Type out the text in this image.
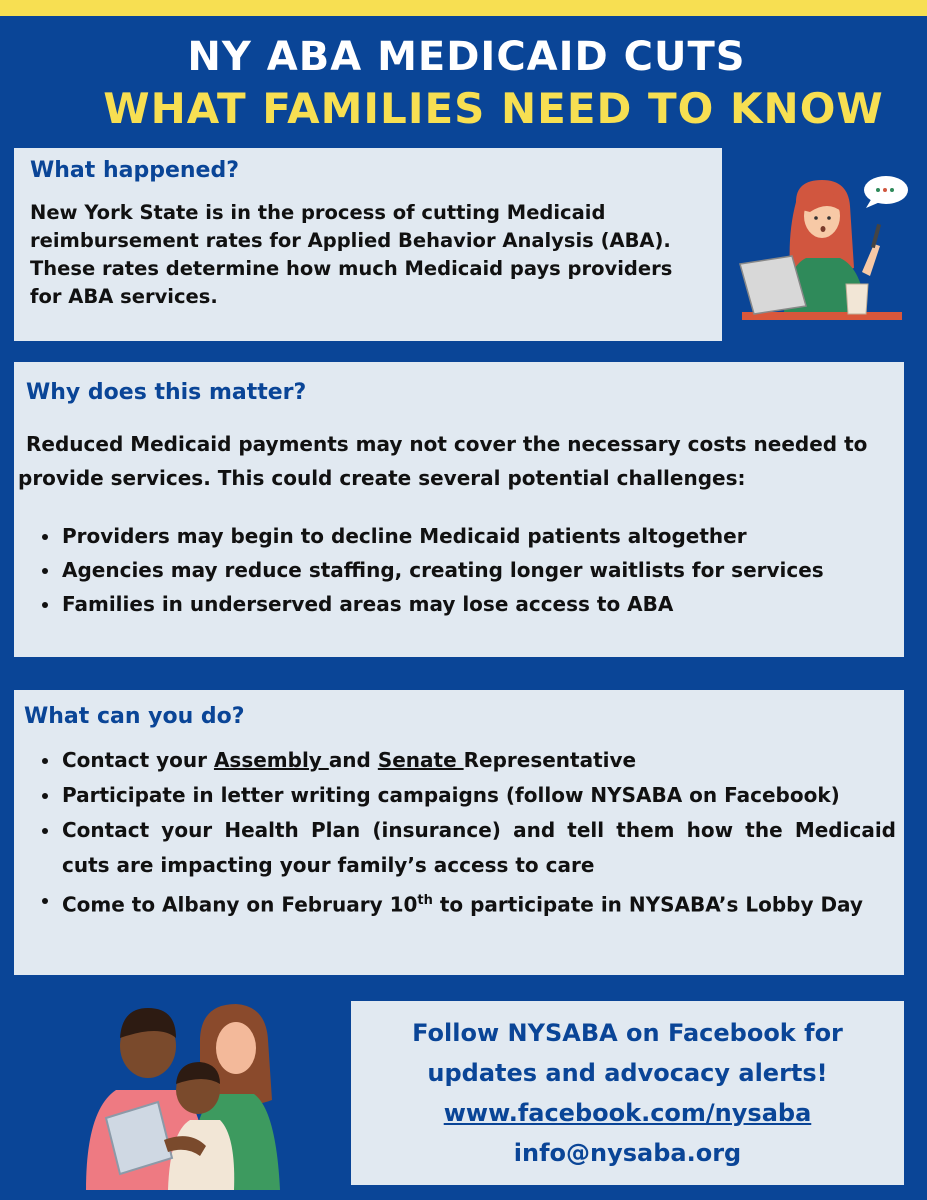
NY ABA MEDICAID CUTS
WHAT FAMILIES NEED TO KNOW
What happened?
New York State is in the process of cutting Medicaid reimbursement rates for Applied Behavior Analysis (ABA). These rates determine how much Medicaid pays providers for ABA services.
Why does this matter?
Reduced Medicaid payments may not cover the necessary costs needed to provide services. This could create several potential challenges:
Providers may begin to decline Medicaid patients altogether
Agencies may reduce staffing, creating longer waitlists for services
Families in underserved areas may lose access to ABA
What can you do?
Contact your Assembly and Senate Representative
Participate in letter writing campaigns (follow NYSABA on Facebook)
Contact your Health Plan (insurance) and tell them how the Medicaid cuts are impacting your family’s access to care
Come to Albany on February 10th to participate in NYSABA’s Lobby Day
Follow NYSABA on Facebook for
updates and advocacy alerts!
www.facebook.com/nysaba
info@nysaba.org
